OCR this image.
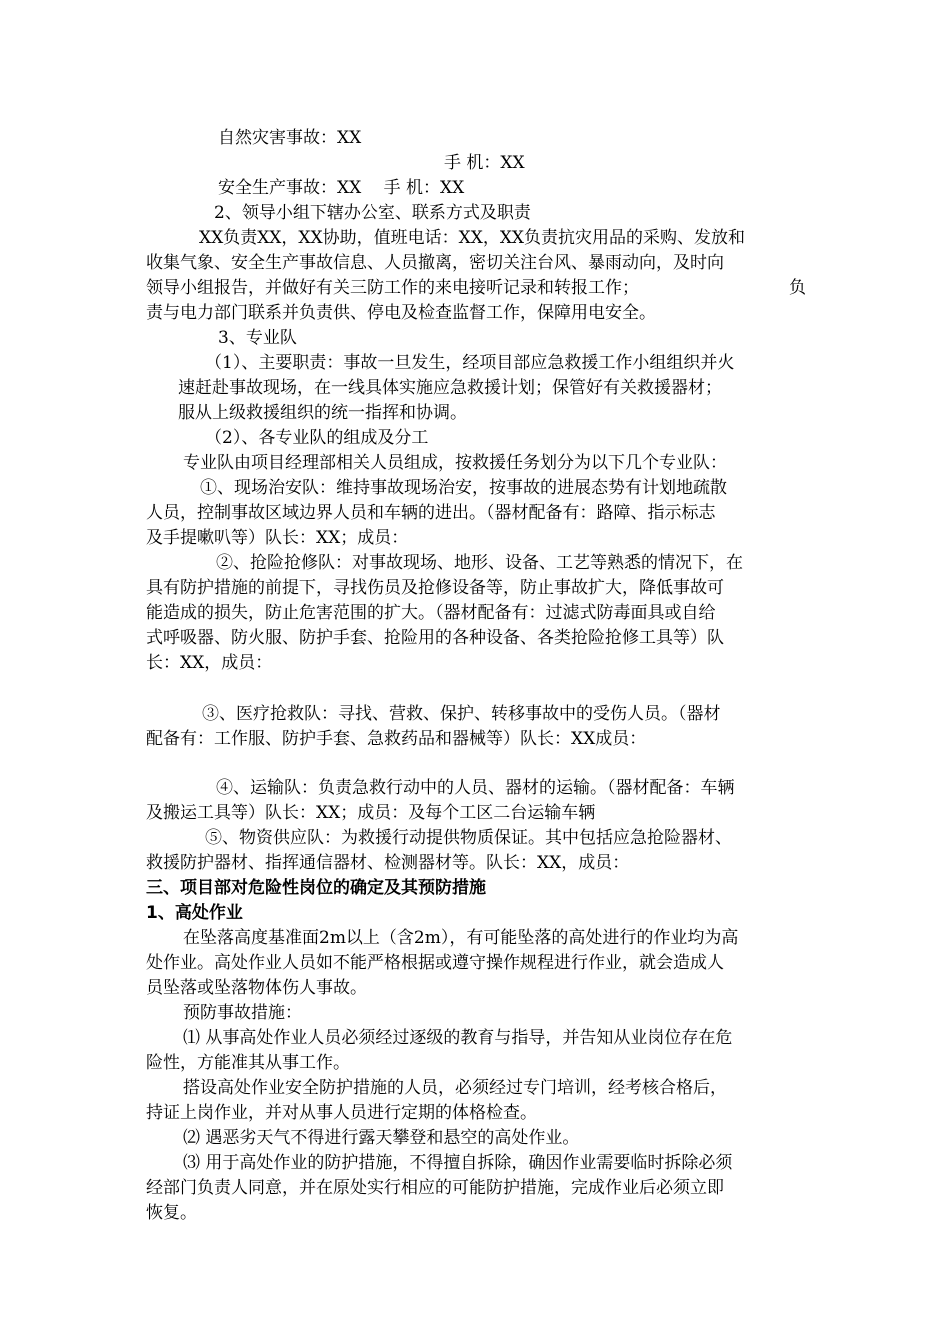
自然灾害事故：XX
手 机：XX
安全生产事故：XX　 手 机：XX
2、领导小组下辖办公室、联系方式及职责
XX负责XX，XX协助，值班电话：XX，XX负责抗灾用品的采购、发放和
收集气象、安全生产事故信息、人员撤离，密切关注台风、暴雨动向，及时向
领导小组报告，并做好有关三防工作的来电接听记录和转报工作；	负
责与电力部门联系并负责供、停电及检查监督工作，保障用电安全。
3、专业队
（1）、主要职责：事故一旦发生，经项目部应急救援工作小组组织并火
速赶赴事故现场，在一线具体实施应急救援计划；保管好有关救援器材；
服从上级救援组织的统一指挥和协调。
（2）、各专业队的组成及分工
专业队由项目经理部相关人员组成，按救援任务划分为以下几个专业队：
①、现场治安队：维持事故现场治安，按事故的进展态势有计划地疏散
人员，控制事故区域边界人员和车辆的进出。（器材配备有：路障、指示标志
及手提嗽叭等）队长：XX；成员：
②、抢险抢修队：对事故现场、地形、设备、工艺等熟悉的情况下，在
具有防护措施的前提下，寻找伤员及抢修设备等，防止事故扩大，降低事故可
能造成的损失，防止危害范围的扩大。（器材配备有：过滤式防毒面具或自给
式呼吸器、防火服、防护手套、抢险用的各种设备、各类抢险抢修工具等）队
长：XX，成员：
③、医疗抢救队：寻找、营救、保护、转移事故中的受伤人员。（器材
配备有：工作服、防护手套、急救药品和器械等）队长：XX成员：
④、运输队：负责急救行动中的人员、器材的运输。（器材配备：车辆
及搬运工具等）队长：XX；成员：及每个工区二台运输车辆
⑤、物资供应队：为救援行动提供物质保证。其中包括应急抢险器材、
救援防护器材、指挥通信器材、检测器材等。队长：XX，成员：
三、项目部对危险性岗位的确定及其预防措施
1、高处作业
在坠落高度基准面2m以上（含2m），有可能坠落的高处进行的作业均为高
处作业。高处作业人员如不能严格根据或遵守操作规程进行作业，就会造成人
员坠落或坠落物体伤人事故。
预防事故措施：
⑴ 从事高处作业人员必须经过逐级的教育与指导，并告知从业岗位存在危
险性，方能准其从事工作。
搭设高处作业安全防护措施的人员，必须经过专门培训，经考核合格后，
持证上岗作业，并对从事人员进行定期的体格检查。
⑵ 遇恶劣天气不得进行露天攀登和悬空的高处作业。
⑶ 用于高处作业的防护措施，不得擅自拆除，确因作业需要临时拆除必须
经部门负责人同意，并在原处实行相应的可能防护措施，完成作业后必须立即
恢复。
